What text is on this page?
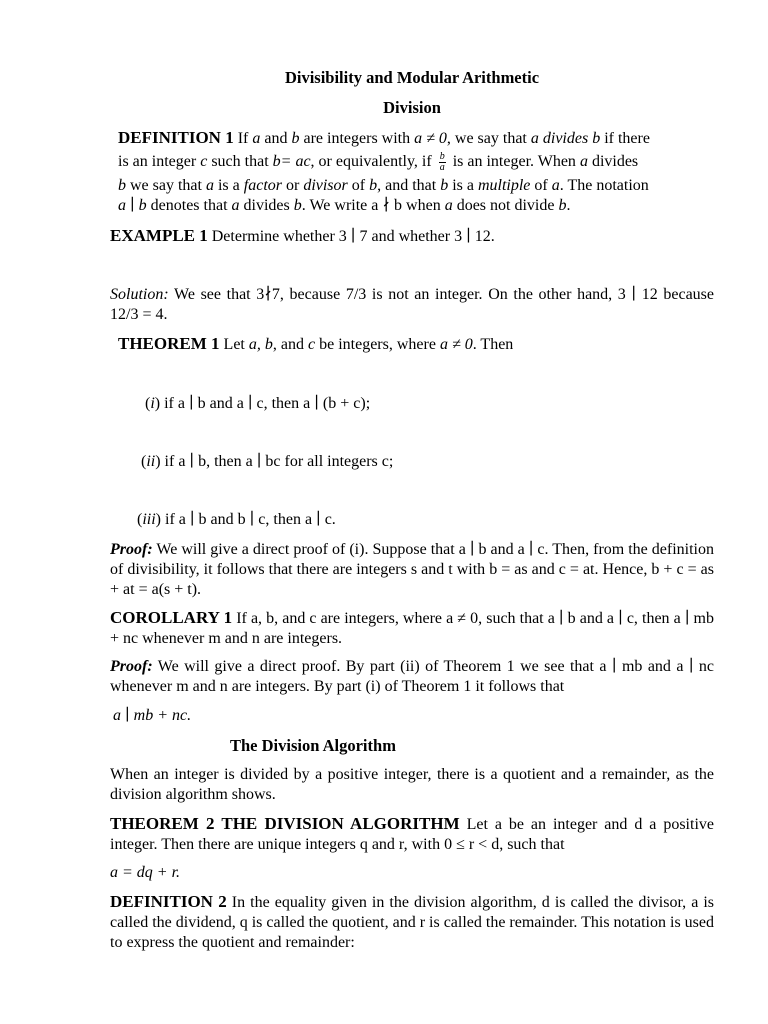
Divisibility and Modular Arithmetic
Division
DEFINITION 1 If a and b are integers with a ≠ 0, we say that a divides b if there
is an integer c such that b= ac, or equivalently, if $\frac{b}{a}$ is an integer. When a divides
b we say that a is a factor or divisor of b, and that b is a multiple of a. The notation
a ∣ b denotes that a divides b. We write a ∤ b when a does not divide b.
EXAMPLE 1 Determine whether 3 ∣ 7 and whether 3 ∣ 12.
Solution: We see that 3∤7, because 7/3 is not an integer. On the other hand, 3 ∣ 12 because 12/3 = 4.
THEOREM 1 Let a, b, and c be integers, where a ≠ 0. Then
(i) if a ∣ b and a ∣ c, then a ∣ (b + c);
(ii) if a ∣ b, then a ∣ bc for all integers c;
(iii) if a ∣ b and b ∣ c, then a ∣ c.
Proof: We will give a direct proof of (i). Suppose that a ∣ b and a ∣ c. Then, from the definition of divisibility, it follows that there are integers s and t with b = as and c = at. Hence, b + c = as + at = a(s + t).
COROLLARY 1 If a, b, and c are integers, where a ≠ 0, such that a ∣ b and a ∣ c, then a ∣ mb + nc whenever m and n are integers.
Proof: We will give a direct proof. By part (ii) of Theorem 1 we see that a ∣ mb and a ∣ nc whenever m and n are integers. By part (i) of Theorem 1 it follows that
a ∣ mb + nc.
The Division Algorithm
When an integer is divided by a positive integer, there is a quotient and a remainder, as the division algorithm shows.
THEOREM 2 THE DIVISION ALGORITHM Let a be an integer and d a positive integer. Then there are unique integers q and r, with 0 ≤ r < d, such that
a = dq + r.
DEFINITION 2 In the equality given in the division algorithm, d is called the divisor, a is called the dividend, q is called the quotient, and r is called the remainder. This notation is used to express the quotient and remainder:
